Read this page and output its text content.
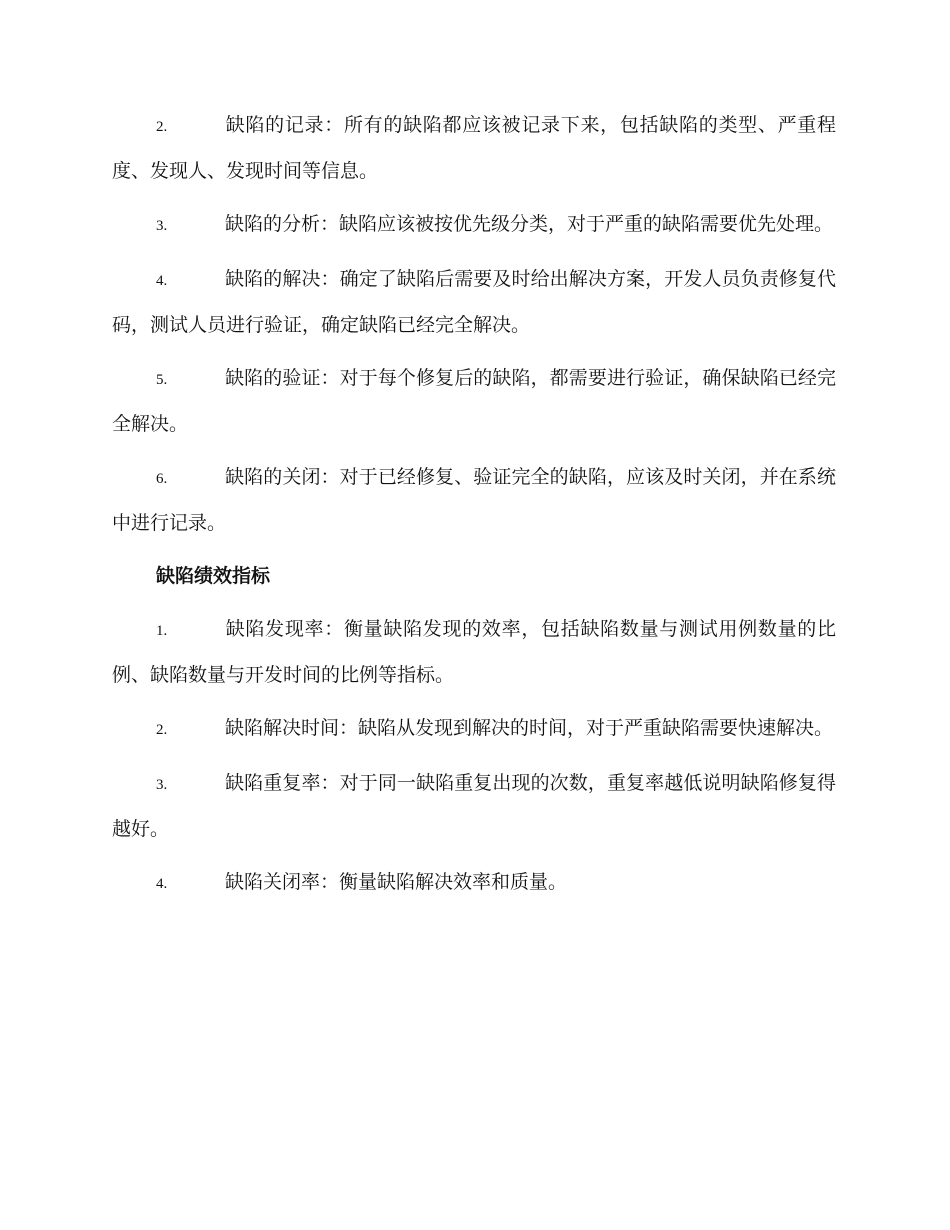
2.	缺陷的记录：所有的缺陷都应该被记录下来，包括缺陷的类型、严重程度、发现人、发现时间等信息。
3.	缺陷的分析：缺陷应该被按优先级分类，对于严重的缺陷需要优先处理。
4.	缺陷的解决：确定了缺陷后需要及时给出解决方案，开发人员负责修复代码，测试人员进行验证，确定缺陷已经完全解决。
5.	缺陷的验证：对于每个修复后的缺陷，都需要进行验证，确保缺陷已经完全解决。
6.	缺陷的关闭：对于已经修复、验证完全的缺陷，应该及时关闭，并在系统中进行记录。
缺陷绩效指标
1.	缺陷发现率：衡量缺陷发现的效率，包括缺陷数量与测试用例数量的比例、缺陷数量与开发时间的比例等指标。
2.	缺陷解决时间：缺陷从发现到解决的时间，对于严重缺陷需要快速解决。
3.	缺陷重复率：对于同一缺陷重复出现的次数，重复率越低说明缺陷修复得越好。
4.	缺陷关闭率：衡量缺陷解决效率和质量。
